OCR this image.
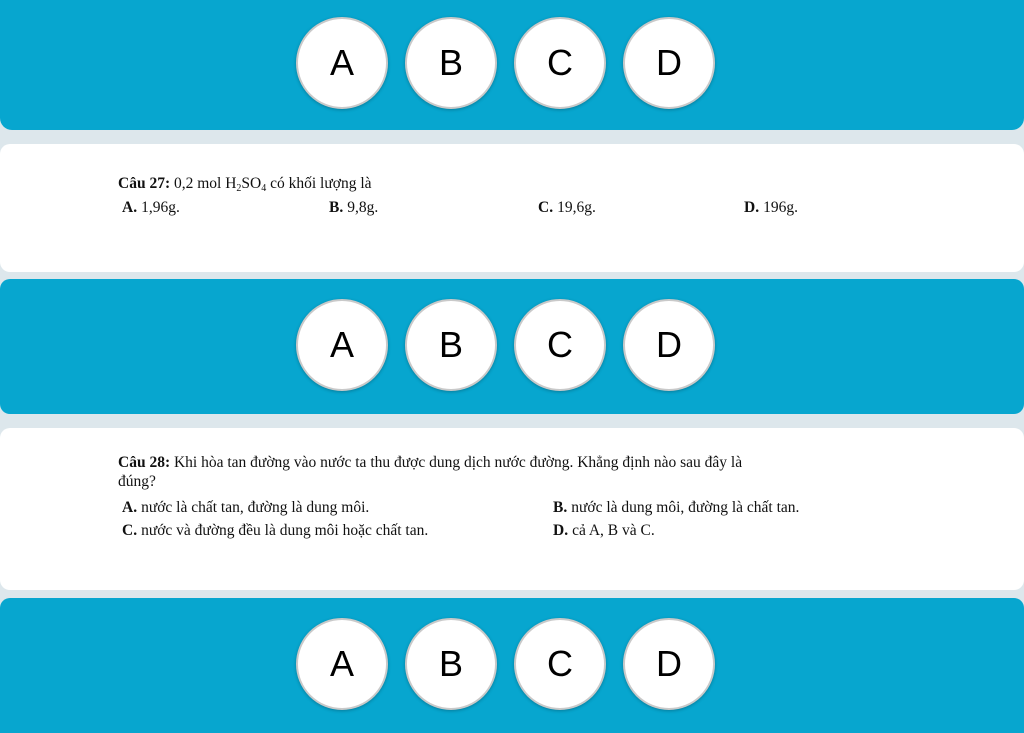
A	B	C	D
Câu 27: 0,2 mol $H_2SO_4$ có khối lượng là
A. 1,96g.	B. 9,8g.	C. 19,6g.	D. 196g.
A	B	C	D
Câu 28: Khi hòa tan đường vào nước ta thu được dung dịch nước đường. Khẳng định nào sau đây là
đúng?
A. nước là chất tan, đường là dung môi.	B. nước là dung môi, đường là chất tan.
C. nước và đường đều là dung môi hoặc chất tan.	D. cả A, B và C.
A	B	C	D
